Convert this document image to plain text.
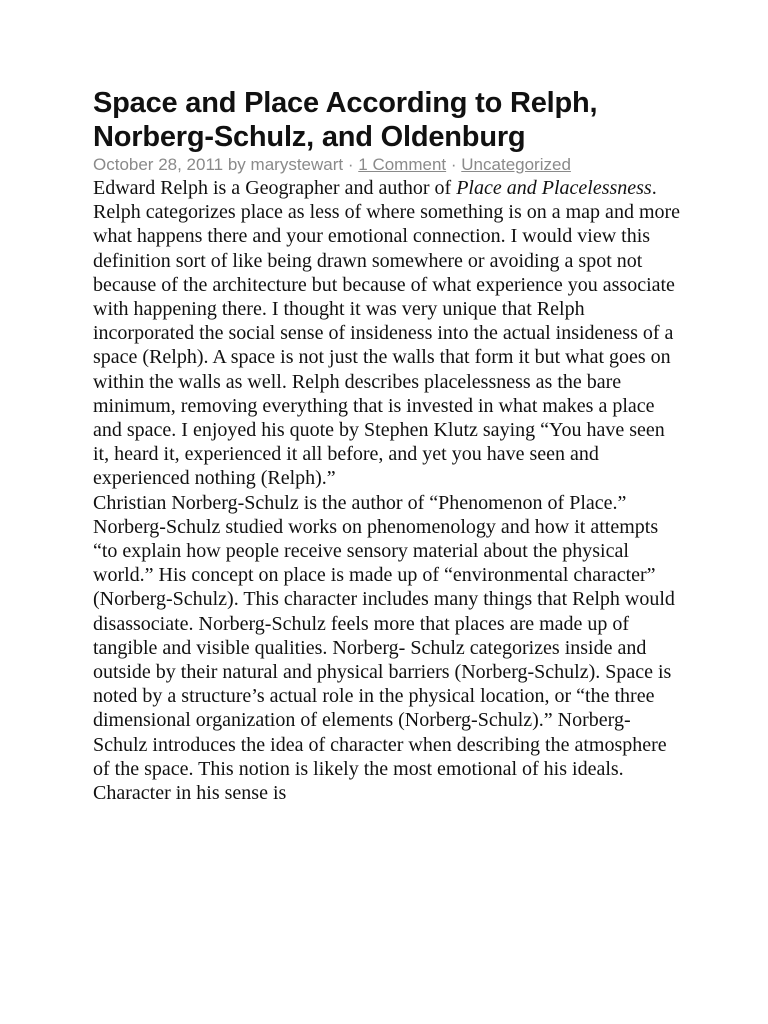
Space and Place According to Relph, Norberg-Schulz, and Oldenburg
October 28, 2011 by marystewart · 1 Comment · Uncategorized

Edward Relph is a Geographer and author of Place and Placelessness. Relph categorizes place as less of where something is on a map and more what happens there and your emotional connection. I would view this definition sort of like being drawn somewhere or avoiding a spot not because of the architecture but because of what experience you associate with happening there. I thought it was very unique that Relph incorporated the social sense of insideness into the actual insideness of a space (Relph). A space is not just the walls that form it but what goes on within the walls as well. Relph describes placelessness as the bare minimum, removing everything that is invested in what makes a place and space. I enjoyed his quote by Stephen Klutz saying “You have seen it, heard it, experienced it all before, and yet you have seen and experienced nothing (Relph).”

Christian Norberg-Schulz is the author of “Phenomenon of Place.” Norberg-Schulz studied works on phenomenology and how it attempts “to explain how people receive sensory material about the physical world.” His concept on place is made up of “environmental character” (Norberg-Schulz). This character includes many things that Relph would disassociate. Norberg-Schulz feels more that places are made up of tangible and visible qualities. Norberg- Schulz categorizes inside and outside by their natural and physical barriers (Norberg-Schulz). Space is noted by a structure’s actual role in the physical location, or “the three dimensional organization of elements (Norberg-Schulz).” Norberg-Schulz introduces the idea of character when describing the atmosphere of the space. This notion is likely the most emotional of his ideals. Character in his sense is
